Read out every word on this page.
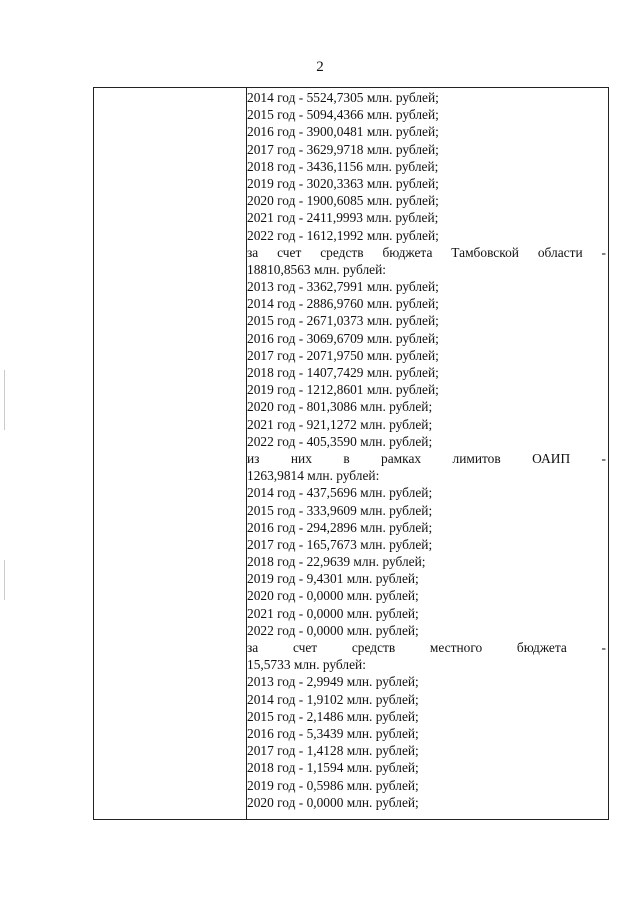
2
2014 год - 5524,7305 млн. рублей;
2015 год - 5094,4366 млн. рублей;
2016 год - 3900,0481 млн. рублей;
2017 год - 3629,9718 млн. рублей;
2018 год - 3436,1156 млн. рублей;
2019 год - 3020,3363 млн. рублей;
2020 год - 1900,6085 млн. рублей;
2021 год - 2411,9993 млн. рублей;
2022 год - 1612,1992 млн. рублей;
за счет средств бюджета Тамбовской области -
18810,8563 млн. рублей:
2013 год - 3362,7991 млн. рублей;
2014 год - 2886,9760 млн. рублей;
2015 год - 2671,0373 млн. рублей;
2016 год - 3069,6709 млн. рублей;
2017 год - 2071,9750 млн. рублей;
2018 год - 1407,7429 млн. рублей;
2019 год - 1212,8601 млн. рублей;
2020 год - 801,3086 млн. рублей;
2021 год - 921,1272 млн. рублей;
2022 год - 405,3590 млн. рублей;
из них в рамках лимитов ОАИП -
1263,9814 млн. рублей:
2014 год - 437,5696 млн. рублей;
2015 год - 333,9609 млн. рублей;
2016 год - 294,2896 млн. рублей;
2017 год - 165,7673 млн. рублей;
2018 год - 22,9639 млн. рублей;
2019 год - 9,4301 млн. рублей;
2020 год - 0,0000 млн. рублей;
2021 год - 0,0000 млн. рублей;
2022 год - 0,0000 млн. рублей;
за	счет	средств	местного	бюджета	-
15,5733 млн. рублей:
2013 год - 2,9949 млн. рублей;
2014 год - 1,9102 млн. рублей;
2015 год - 2,1486 млн. рублей;
2016 год - 5,3439 млн. рублей;
2017 год - 1,4128 млн. рублей;
2018 год - 1,1594 млн. рублей;
2019 год - 0,5986 млн. рублей;
2020 год - 0,0000 млн. рублей;
